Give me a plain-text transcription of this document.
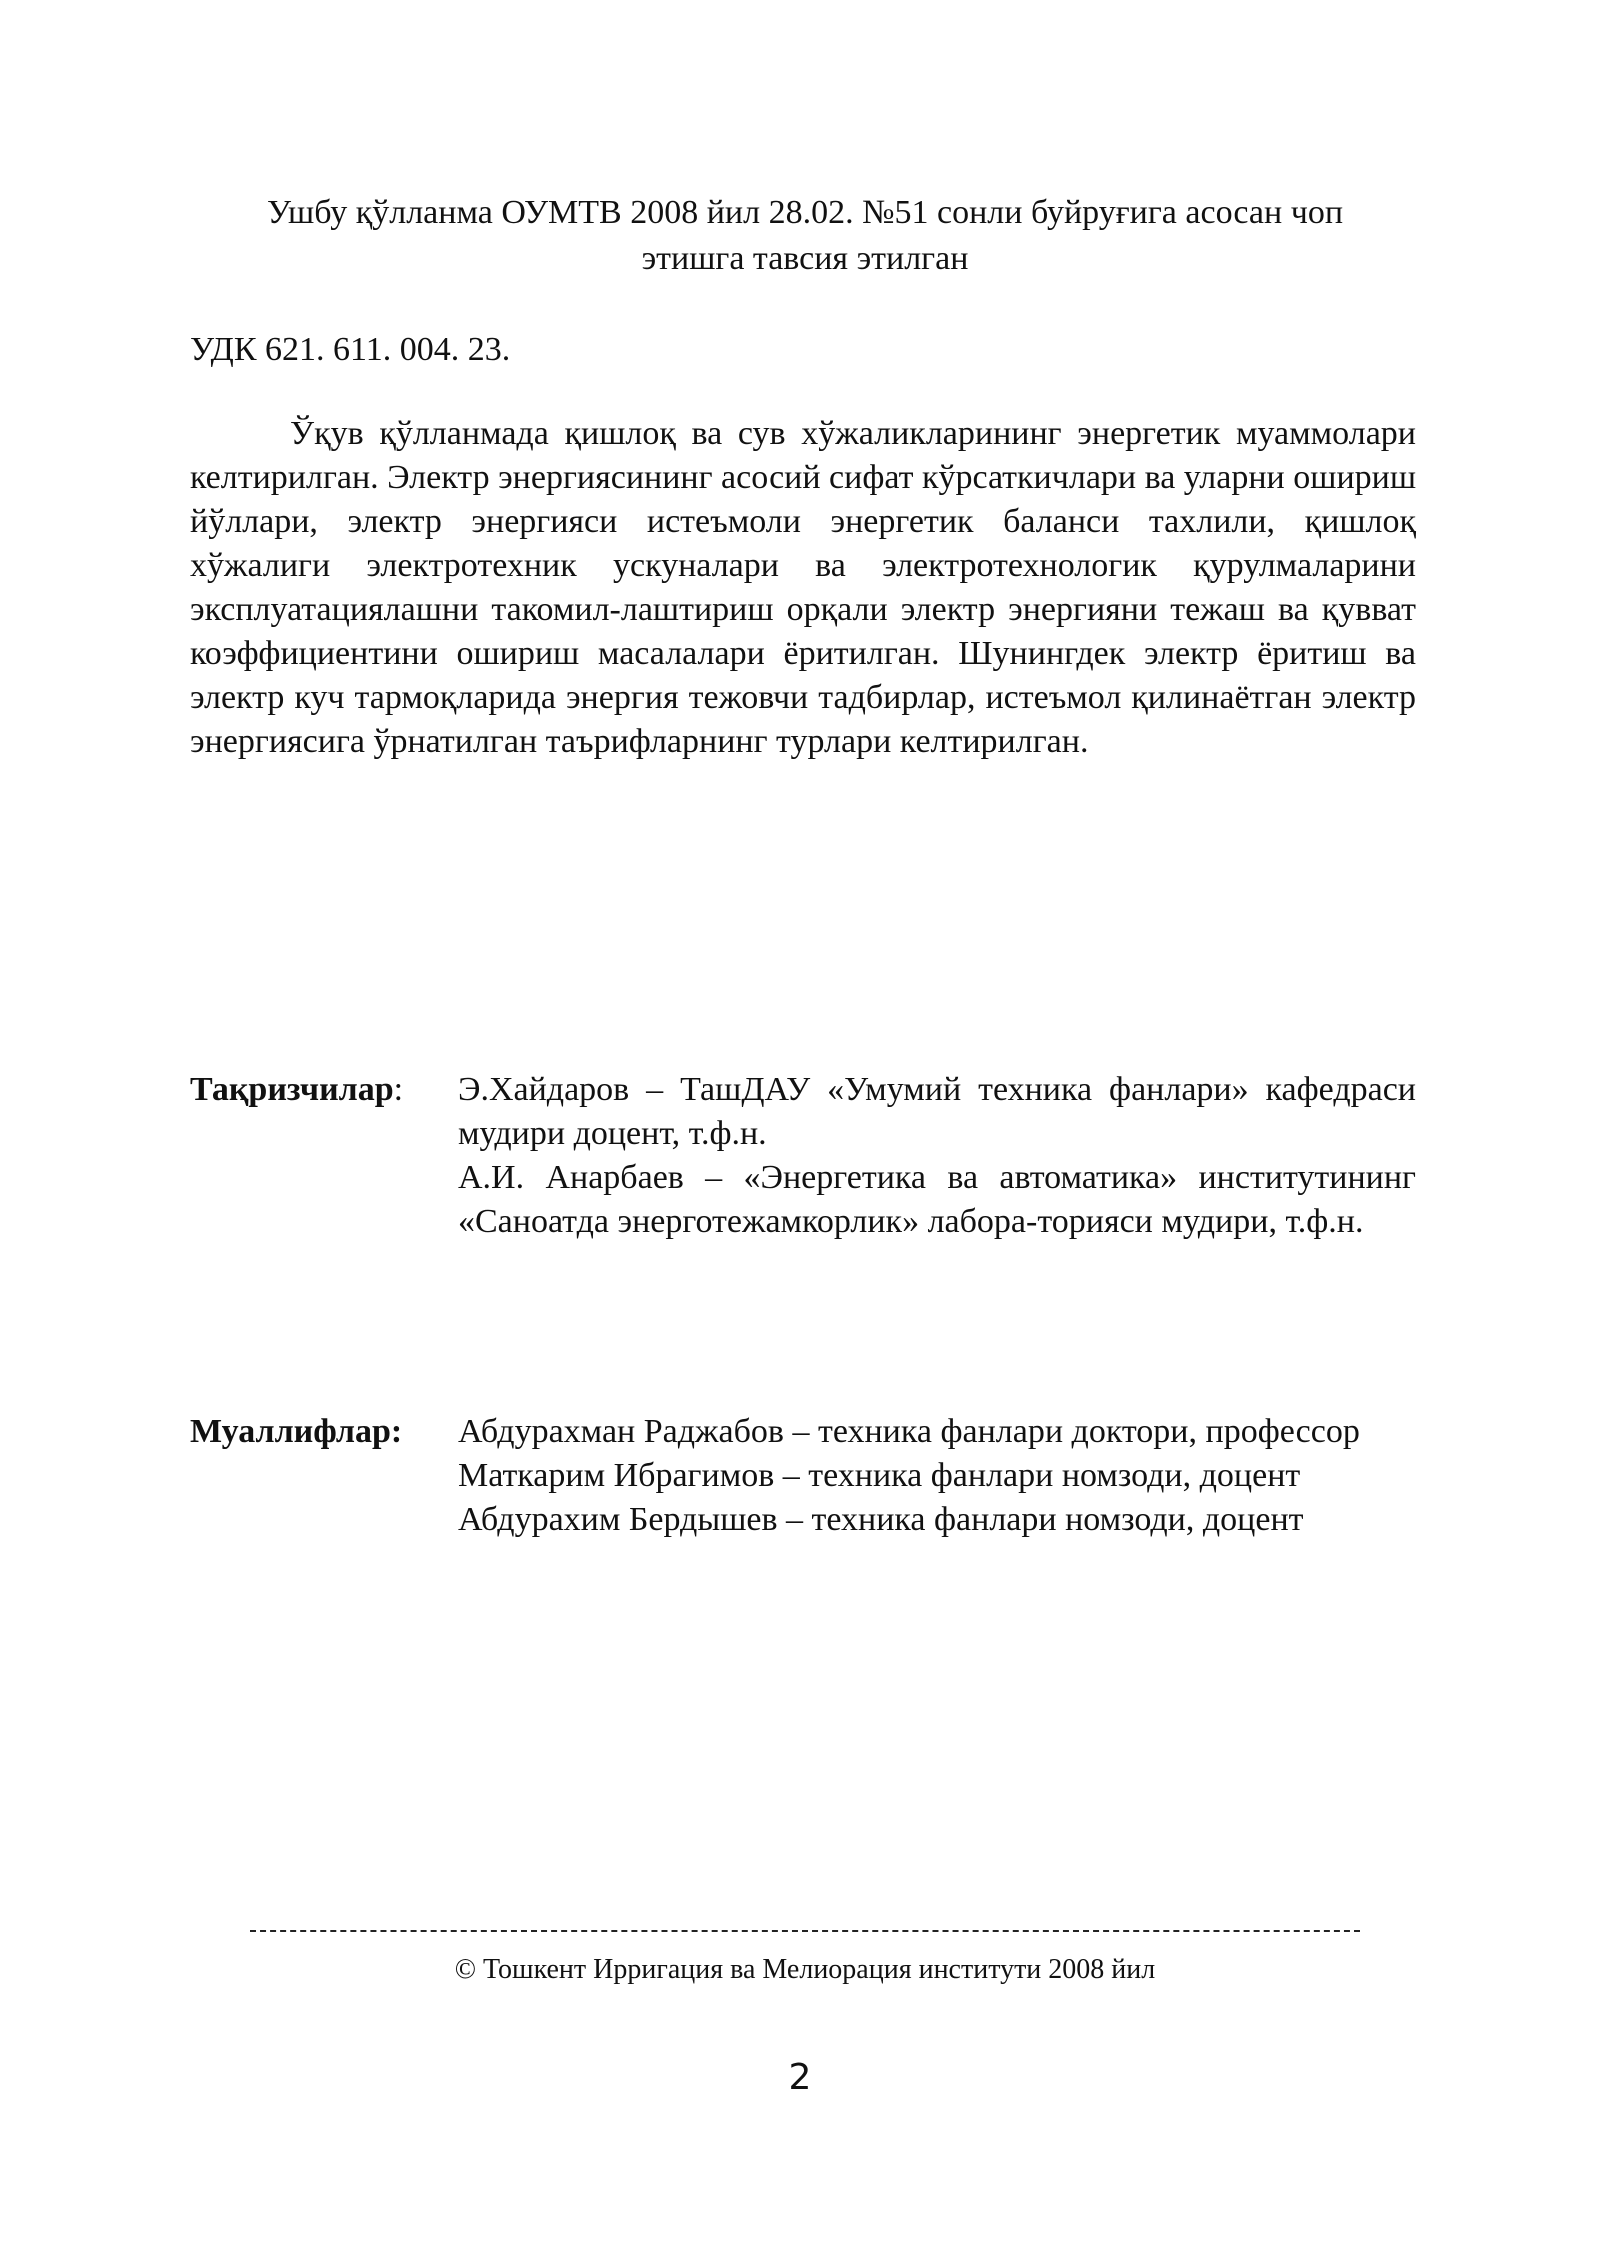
Ушбу қўлланма ОУМТВ 2008 йил 28.02. №51 сонли буйруғига асосан чоп
этишга тавсия этилган
УДК 621. 611. 004. 23.

Ўқув қўлланмада қишлоқ ва сув хўжаликларининг энергетик муаммолари келтирилган. Электр энергиясининг асосий сифат кўрсаткичлари ва уларни ошириш йўллари, электр энергияси истеъмоли энергетик баланси тахлили, қишлоқ хўжалиги электротехник ускуналари ва электротехнологик қурулмаларини эксплуатациялашни такомил-лаштириш орқали электр энергияни тежаш ва қувват коэффициентини ошириш масалалари ёритилган. Шунингдек электр ёритиш ва электр куч тармоқларида энергия тежовчи тадбирлар, истеъмол қилинаётган электр энергиясига ўрнатилган таърифларнинг турлари келтирилган.

Тақризчилар: Э.Хайдаров – ТашДАУ «Умумий техника фанлари» кафедраси мудири доцент, т.ф.н.

А.И. Анарбаев – «Энергетика ва автоматика» институтининг «Саноатда энерготежамкорлик» лабора-торияси мудири, т.ф.н.

Муаллифлар: Абдурахман Раджабов – техника фанлари доктори, профессор

Маткарим Ибрагимов – техника фанлари номзоди, доцент

Абдурахим Бердышев – техника фанлари номзоди, доцент

© Тошкент Ирригация ва Мелиорация институти 2008 йил
2
